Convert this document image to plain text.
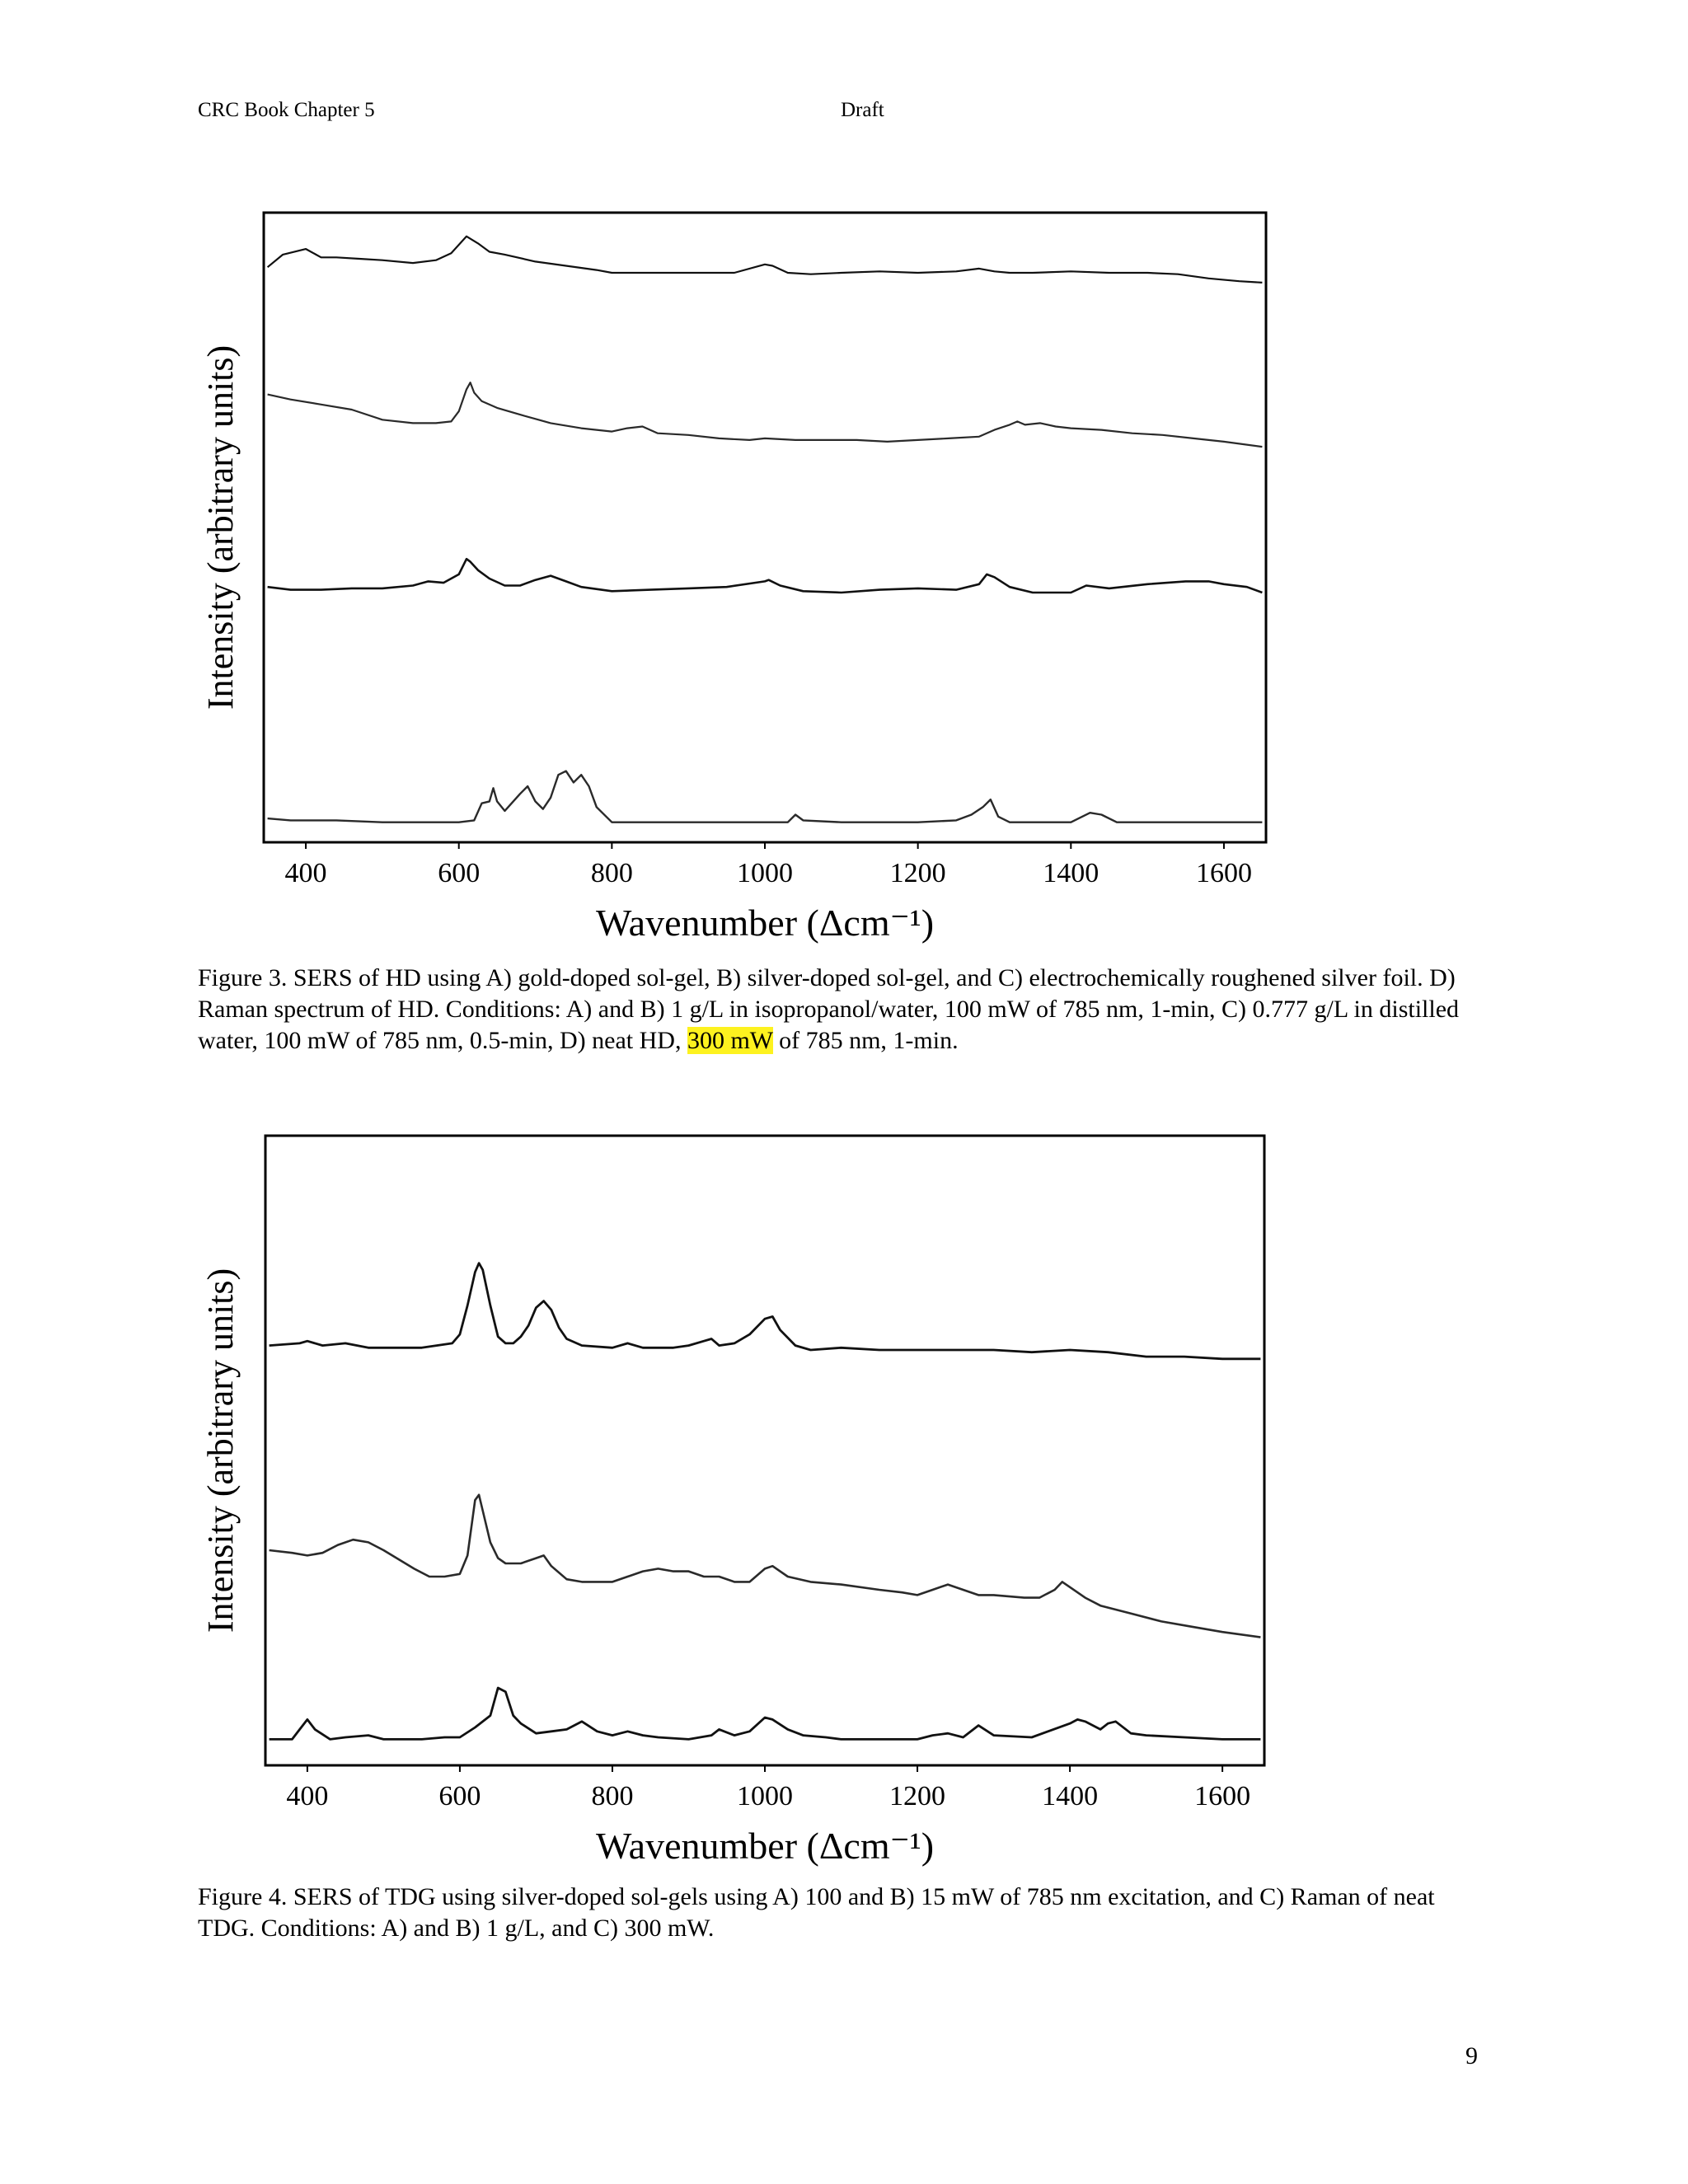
CRC Book Chapter 5	Draft
400	600	800	1000	1200	1400	1600
Intensity (arbitrary units)
Wavenumber (Δcm⁻¹)

Figure 3. SERS of HD using A) gold-doped sol-gel, B) silver-doped sol-gel, and C) electrochemically roughened silver foil. D) Raman spectrum of HD. Conditions: A) and B) 1 g/L in isopropanol/water, 100 mW of 785 nm, 1-min, C) 0.777 g/L in distilled water, 100 mW of 785 nm, 0.5-min, D) neat HD, 300 mW of 785 nm, 1-min.

400	600	800	1000	1200	1400	1600
Intensity (arbitrary units)
Wavenumber (Δcm⁻¹)

Figure 4. SERS of TDG using silver-doped sol-gels using A) 100 and B) 15 mW of 785 nm excitation, and C) Raman of neat TDG. Conditions: A) and B) 1 g/L, and C) 300 mW.

9
